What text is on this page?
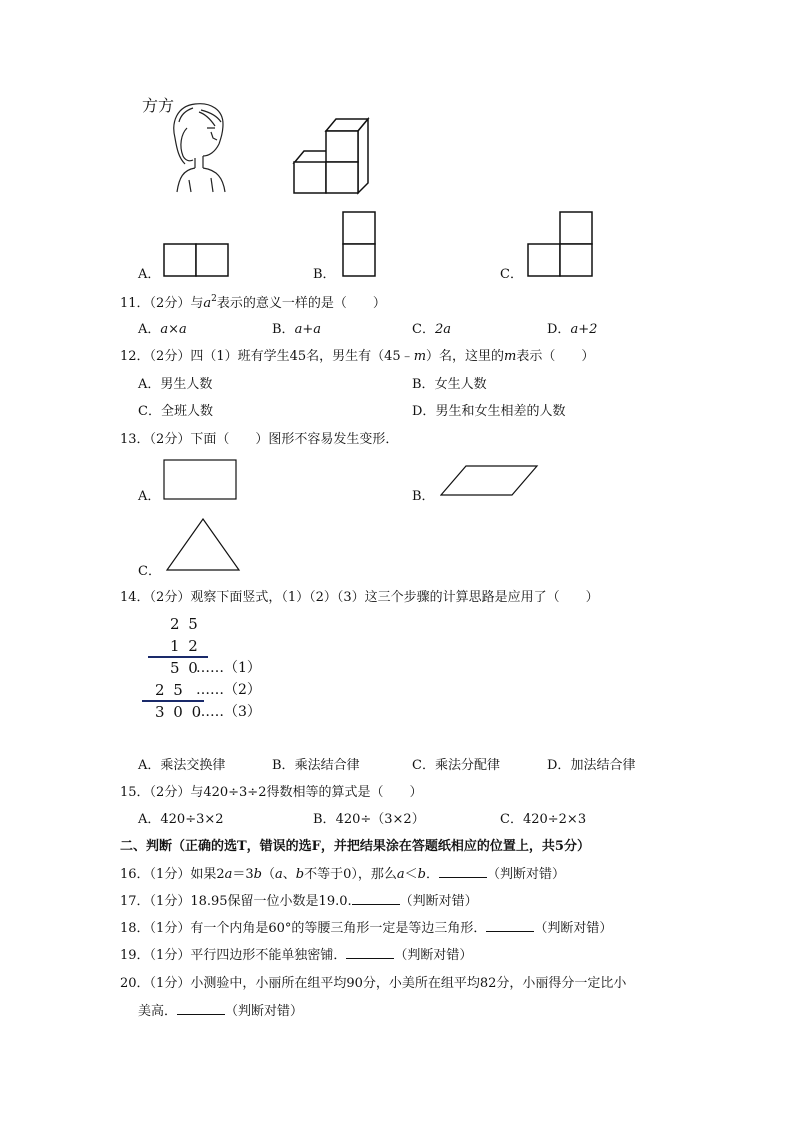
方方
A．	B．	C．
11．（2分）与$a^2$表示的意义一样的是（　　）
A．a×a	B．a+a	C．2a	D．a+2
12．（2分）四（1）班有学生45名，男生有（45﹣m）名，这里的m表示（　　）
A．男生人数	B．女生人数
C．全班人数	D．男生和女生相差的人数
13．（2分）下面（　　）图形不容易发生变形．
A．	B．
C．
14．（2分）观察下面竖式，（1）（2）（3）这三个步骤的计算思路是应用了（　　）
2 5
1 2
5 0
……（1）
2 5 ……（2）
3 0 0
……（3）
A．乘法交换律	B．乘法结合律	C．乘法分配律	D．加法结合律
15．（2分）与420÷3÷2得数相等的算式是（　　）
A．420÷3×2	B．420÷（3×2）	C．420÷2×3
二、判断（正确的选T，错误的选F，并把结果涂在答题纸相应的位置上，共5分）
16．（1分）如果2a＝3b（a、b不等于0），那么a＜b．	（判断对错）
17．（1分）18.95保留一位小数是19.0.	（判断对错）
18．（1分）有一个内角是60°的等腰三角形一定是等边三角形．	（判断对错）
19．（1分）平行四边形不能单独密铺．	（判断对错）
20．（1分）小测验中，小丽所在组平均90分，小美所在组平均82分，小丽得分一定比小
美高．	（判断对错）
